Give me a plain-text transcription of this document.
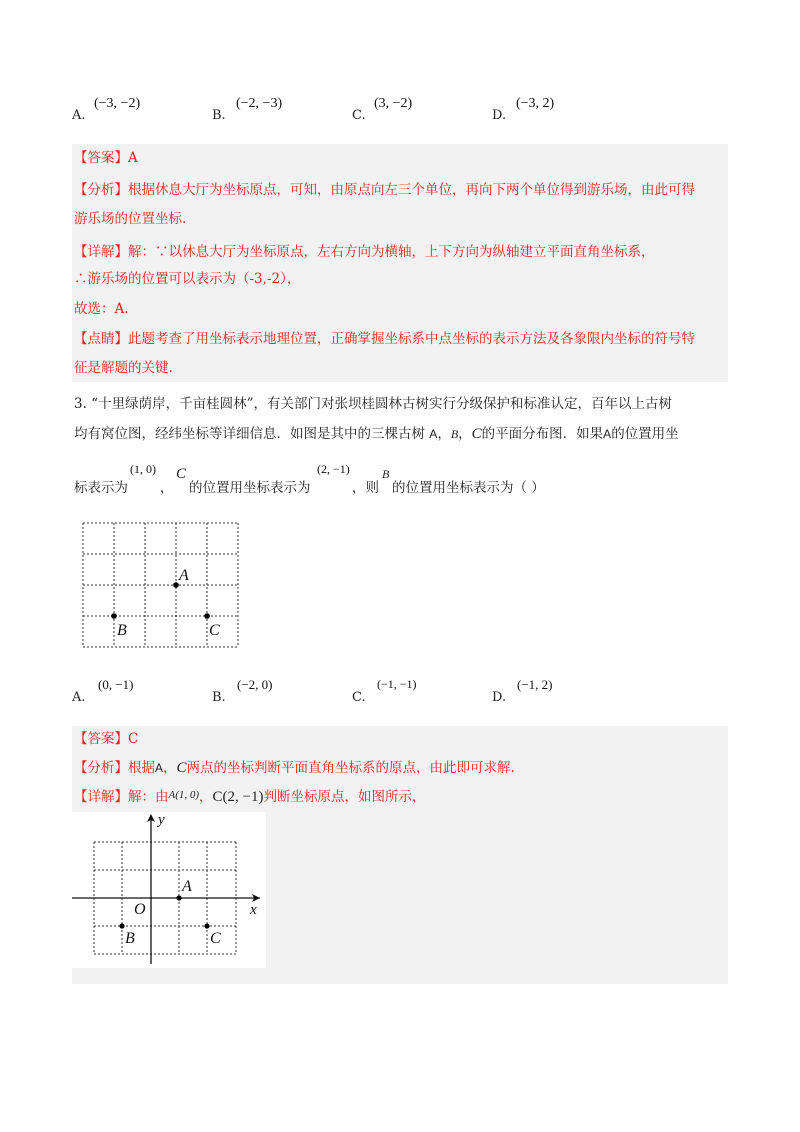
A.
(−3, −2)
B.
(−2, −3)
C.
(3, −2)
D.
(−3, 2)
【答案】A
【分析】根据休息大厅为坐标原点，可知，由原点向左三个单位，再向下两个单位得到游乐场，由此可得
游乐场的位置坐标.
【详解】解：∵以休息大厅为坐标原点，左右方向为横轴，上下方向为纵轴建立平面直角坐标系，
∴游乐场的位置可以表示为（-3,-2），
故选：A.
【点睛】此题考查了用坐标表示地理位置，正确掌握坐标系中点坐标的表示方法及各象限内坐标的符号特
征是解题的关键.
3. “十里绿荫岸，千亩桂圆林”，有关部门对张坝桂圆林古树实行分级保护和标准认定，百年以上古树
均有窝位图，经纬坐标等详细信息．如图是其中的三棵古树 A，B，C的平面分布图．如果A的位置用坐
标表示为
(1, 0)
，
C
的位置用坐标表示为
(2, −1)
，则
B
的位置用坐标表示为（ ）
A
B	C
A.
(0, −1)
B.
(−2, 0)
C.
(−1, −1)
D.
(−1, 2)
【答案】C
【分析】根据A，C两点的坐标判断平面直角坐标系的原点，由此即可求解.
【详解】解：由$^{A(1, 0)}$，C(2, −1)判断坐标原点，如图所示，
A
B	C
O	x
y
